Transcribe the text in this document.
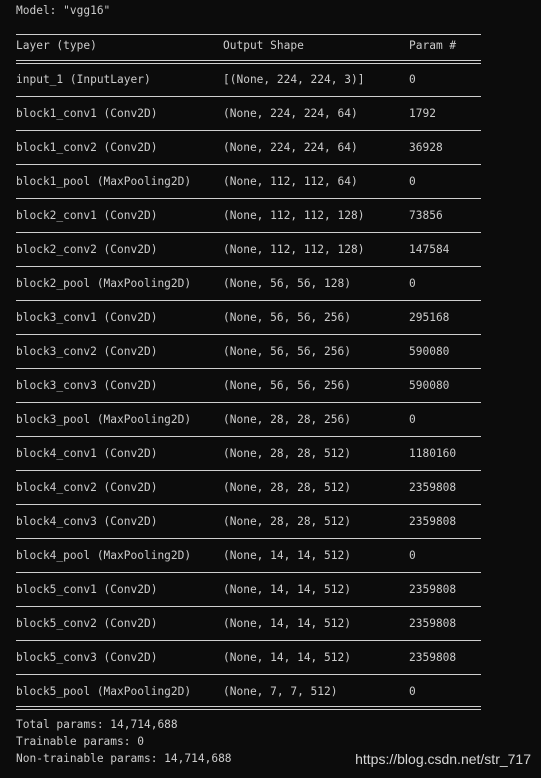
Model: "vgg16"
Layer (type)	Output Shape	Param #
input_1 (InputLayer)	[(None, 224, 224, 3)]	0
block1_conv1 (Conv2D)	(None, 224, 224, 64)	1792
block1_conv2 (Conv2D)	(None, 224, 224, 64)	36928
block1_pool (MaxPooling2D)	(None, 112, 112, 64)	0
block2_conv1 (Conv2D)	(None, 112, 112, 128)	73856
block2_conv2 (Conv2D)	(None, 112, 112, 128)	147584
block2_pool (MaxPooling2D)	(None, 56, 56, 128)	0
block3_conv1 (Conv2D)	(None, 56, 56, 256)	295168
block3_conv2 (Conv2D)	(None, 56, 56, 256)	590080
block3_conv3 (Conv2D)	(None, 56, 56, 256)	590080
block3_pool (MaxPooling2D)	(None, 28, 28, 256)	0
block4_conv1 (Conv2D)	(None, 28, 28, 512)	1180160
block4_conv2 (Conv2D)	(None, 28, 28, 512)	2359808
block4_conv3 (Conv2D)	(None, 28, 28, 512)	2359808
block4_pool (MaxPooling2D)	(None, 14, 14, 512)	0
block5_conv1 (Conv2D)	(None, 14, 14, 512)	2359808
block5_conv2 (Conv2D)	(None, 14, 14, 512)	2359808
block5_conv3 (Conv2D)	(None, 14, 14, 512)	2359808
block5_pool (MaxPooling2D)	(None, 7, 7, 512)	0
Total params: 14,714,688
Trainable params: 0
Non-trainable params: 14,714,688	https://blog.csdn.net/str_717
